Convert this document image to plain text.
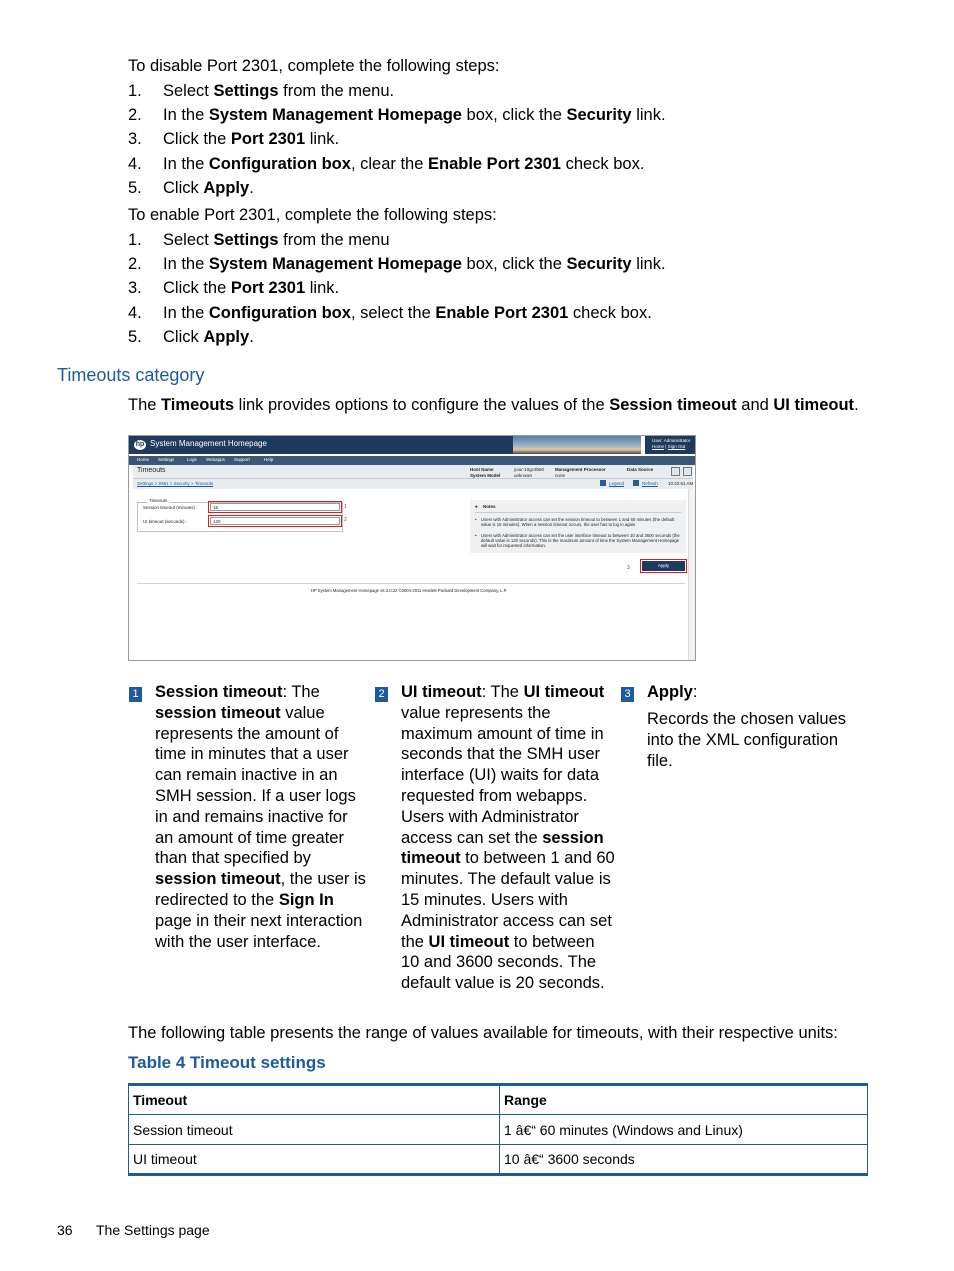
To disable Port 2301, complete the following steps:
1. Select Settings from the menu.
2. In the System Management Homepage box, click the Security link.
3. Click the Port 2301 link.
4. In the Configuration box, clear the Enable Port 2301 check box.
5. Click Apply.
To enable Port 2301, complete the following steps:
1. Select Settings from the menu
2. In the System Management Homepage box, click the Security link.
3. Click the Port 2301 link.
4. In the Configuration box, select the Enable Port 2301 check box.
5. Click Apply.
Timeouts category
The Timeouts link provides options to configure the values of the Session timeout and UI timeout.
hp System Management Homepage	User: Administrator
Home | Sign Out
Home Settings	Logs Webapps Support	Help
Timeouts	Host Name	your-10gc3b60
System Model	unknown
Management Processor
none
Data Source
Settings > SMH > Security > Timeouts	Legend	Refresh 10:42:51 AM
Timeouts
Session timeout (minutes) :	15	1
UI timeout (seconds) :	120	2
● Notes
• Users with Administrator access can set the session timeout to between 1 and 60 minutes (the default value is 15 minutes). When a session timeout occurs, the user has to log in again.
• Users with Administrator access can set the user interface timeout to between 10 and 3600 seconds (the default value is 120 seconds). This is the maximum amount of time the System Management Homepage will wait for requested information.
3	Apply
HP System Management Homepage v6.3.0.22 ©2004-2011 Hewlett-Packard Development Company, L.P.
1 Session timeout: The session timeout value represents the amount of time in minutes that a user can remain inactive in an SMH session. If a user logs in and remains inactive for an amount of time greater than that specified by session timeout, the user is redirected to the Sign In page in their next interaction with the user interface.
2 UI timeout: The UI timeout value represents the maximum amount of time in seconds that the SMH user interface (UI) waits for data requested from webapps. Users with Administrator access can set the session timeout to between 1 and 60 minutes. The default value is 15 minutes. Users with Administrator access can set the UI timeout to between 10 and 3600 seconds. The default value is 20 seconds.
3 Apply:
Records the chosen values into the XML configuration file.
The following table presents the range of values available for timeouts, with their respective units:
Table 4 Timeout settings
Timeout	Range
Session timeout	1 â€“ 60 minutes (Windows and Linux)
UI timeout	10 â€“ 3600 seconds
36 The Settings page
